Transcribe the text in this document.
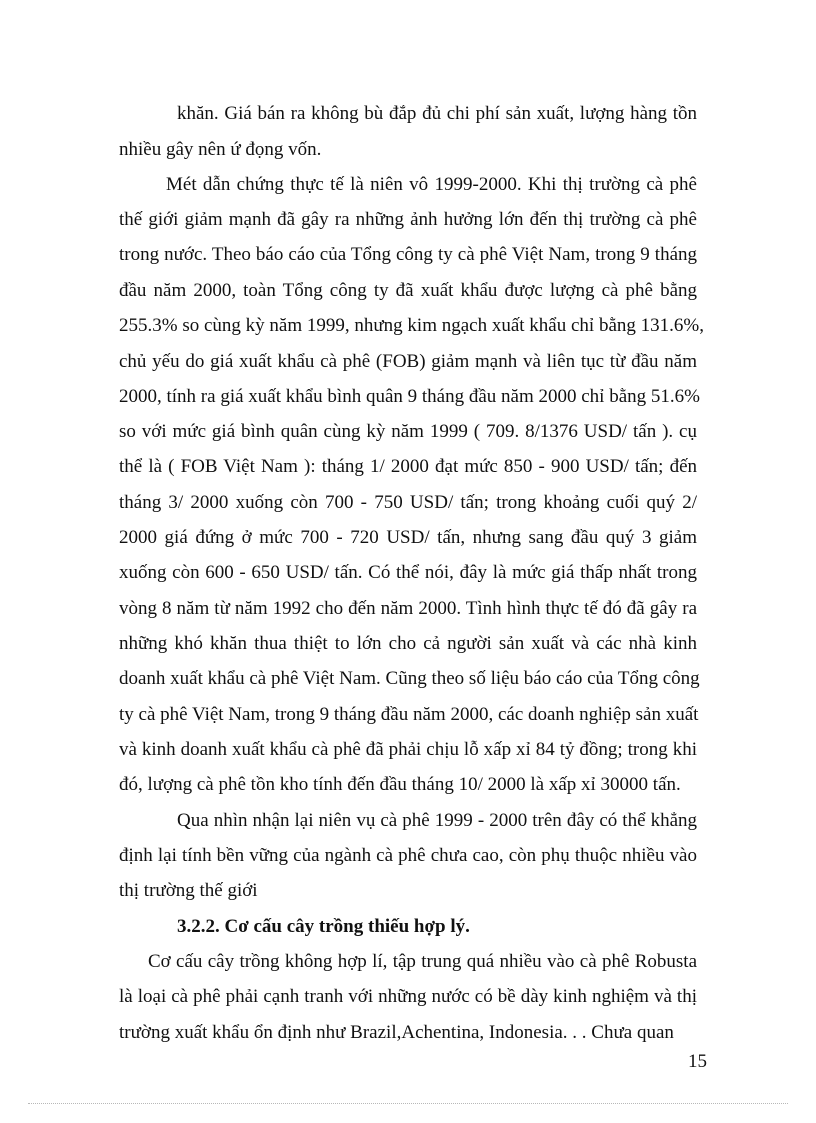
khăn. Giá bán ra không bù đắp đủ chi phí sản xuất, lượng hàng tồn
nhiều gây nên ứ đọng vốn.
Mét dẫn chứng thực tế là niên vô 1999-2000. Khi thị trường cà phê
thế giới giảm mạnh đã gây ra những ảnh hưởng lớn đến thị trường cà phê
trong nước. Theo báo cáo của Tổng công ty cà phê Việt Nam, trong 9 tháng
đầu năm 2000, toàn Tổng công ty đã xuất khẩu được lượng cà phê bằng
255.3% so cùng kỳ năm 1999, nhưng kim ngạch xuất khẩu chỉ bằng 131.6%,
chủ yếu do giá xuất khẩu cà phê (FOB) giảm mạnh và liên tục từ đầu năm
2000, tính ra giá xuất khẩu bình quân 9 tháng đầu năm 2000 chỉ bằng 51.6%
so với mức giá bình quân cùng kỳ năm 1999 ( 709. 8/1376 USD/ tấn ). cụ
thể là ( FOB Việt Nam ): tháng 1/ 2000 đạt mức 850 - 900 USD/ tấn; đến
tháng 3/ 2000 xuống còn 700 - 750 USD/ tấn; trong khoảng cuối quý 2/
2000 giá đứng ở mức 700 - 720 USD/ tấn, nhưng sang đầu quý 3 giảm
xuống còn 600 - 650 USD/ tấn. Có thể nói, đây là mức giá thấp nhất trong
vòng 8 năm từ năm 1992 cho đến năm 2000. Tình hình thực tế đó đã gây ra
những khó khăn thua thiệt to lớn cho cả người sản xuất và các nhà kinh
doanh xuất khẩu cà phê Việt Nam. Cũng theo số liệu báo cáo của Tổng công
ty cà phê Việt Nam, trong 9 tháng đầu năm 2000, các doanh nghiệp sản xuất
và kinh doanh xuất khẩu cà phê đã phải chịu lỗ xấp xỉ 84 tỷ đồng; trong khi
đó, lượng cà phê tồn kho tính đến đầu tháng 10/ 2000 là xấp xỉ 30000 tấn.
Qua nhìn nhận lại niên vụ cà phê 1999 - 2000 trên đây có thể khẳng
định lại tính bền vững của ngành cà phê chưa cao, còn phụ thuộc nhiều vào
thị trường thế giới
3.2.2. Cơ cấu cây trồng thiếu hợp lý.
Cơ cấu cây trồng không hợp lí, tập trung quá nhiều vào cà phê Robusta
là loại cà phê phải cạnh tranh với những nước có bề dày kinh nghiệm và thị
trường xuất khẩu ổn định như Brazil,Achentina, Indonesia. . . Chưa quan
15
